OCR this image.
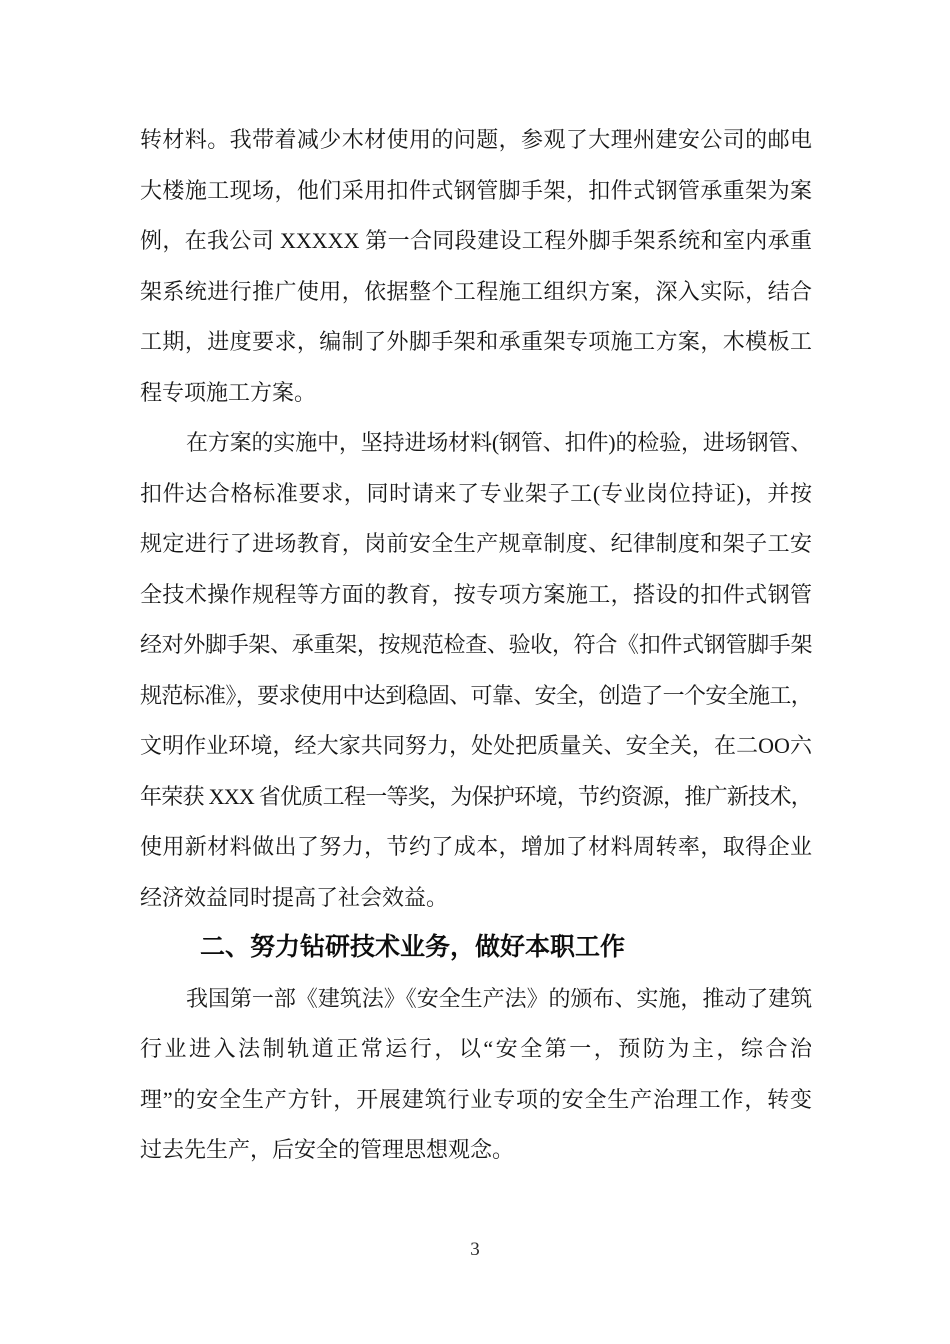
转材料。我带着减少木材使用的问题，参观了大理州建安公司的邮电
大楼施工现场，他们采用扣件式钢管脚手架，扣件式钢管承重架为案
例，在我公司 XXXXX 第一合同段建设工程外脚手架系统和室内承重
架系统进行推广使用，依据整个工程施工组织方案，深入实际，结合
工期，进度要求，编制了外脚手架和承重架专项施工方案，木模板工
程专项施工方案。
在方案的实施中，坚持进场材料(钢管、扣件)的检验，进场钢管、
扣件达合格标准要求，同时请来了专业架子工(专业岗位持证)，并按
规定进行了进场教育，岗前安全生产规章制度、纪律制度和架子工安
全技术操作规程等方面的教育，按专项方案施工，搭设的扣件式钢管
经对外脚手架、承重架，按规范检查、验收，符合《扣件式钢管脚手架
规范标准》，要求使用中达到稳固、可靠、安全，创造了一个安全施工，
文明作业环境，经大家共同努力，处处把质量关、安全关，在二OO六
年荣获 XXX 省优质工程一等奖，为保护环境，节约资源，推广新技术，
使用新材料做出了努力，节约了成本，增加了材料周转率，取得企业
经济效益同时提高了社会效益。
二、努力钻研技术业务，做好本职工作
我国第一部《建筑法》《安全生产法》的颁布、实施，推动了建筑
行业进入法制轨道正常运行，以“安全第一，预防为主，综合治
理”的安全生产方针，开展建筑行业专项的安全生产治理工作，转变
过去先生产，后安全的管理思想观念。
3
